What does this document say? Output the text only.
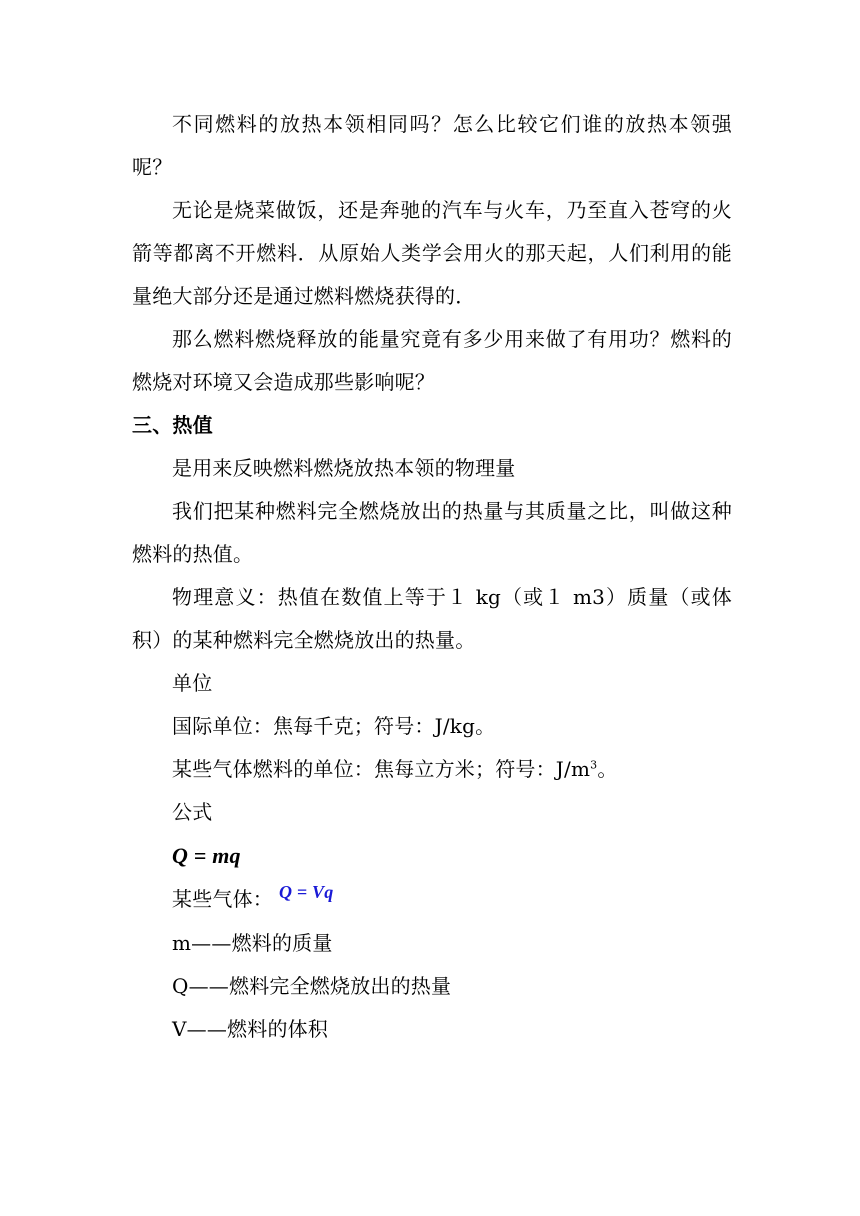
不同燃料的放热本领相同吗？怎么比较它们谁的放热本领强呢？

无论是烧菜做饭，还是奔驰的汽车与火车，乃至直入苍穹的火箭等都离不开燃料．从原始人类学会用火的那天起，人们利用的能量绝大部分还是通过燃料燃烧获得的．

那么燃料燃烧释放的能量究竟有多少用来做了有用功？燃料的燃烧对环境又会造成那些影响呢？

三、热值

是用来反映燃料燃烧放热本领的物理量

我们把某种燃料完全燃烧放出的热量与其质量之比，叫做这种燃料的热值。

物理意义：热值在数值上等于１ kg（或１ m3）质量（或体积）的某种燃料完全燃烧放出的热量。

单位

国际单位：焦每千克；符号：J/kg。

某些气体燃料的单位：焦每立方米；符号：$J/m^3$。

公式

Q = mq

某些气体： Q = Vq

m——燃料的质量

Q——燃料完全燃烧放出的热量

V——燃料的体积
